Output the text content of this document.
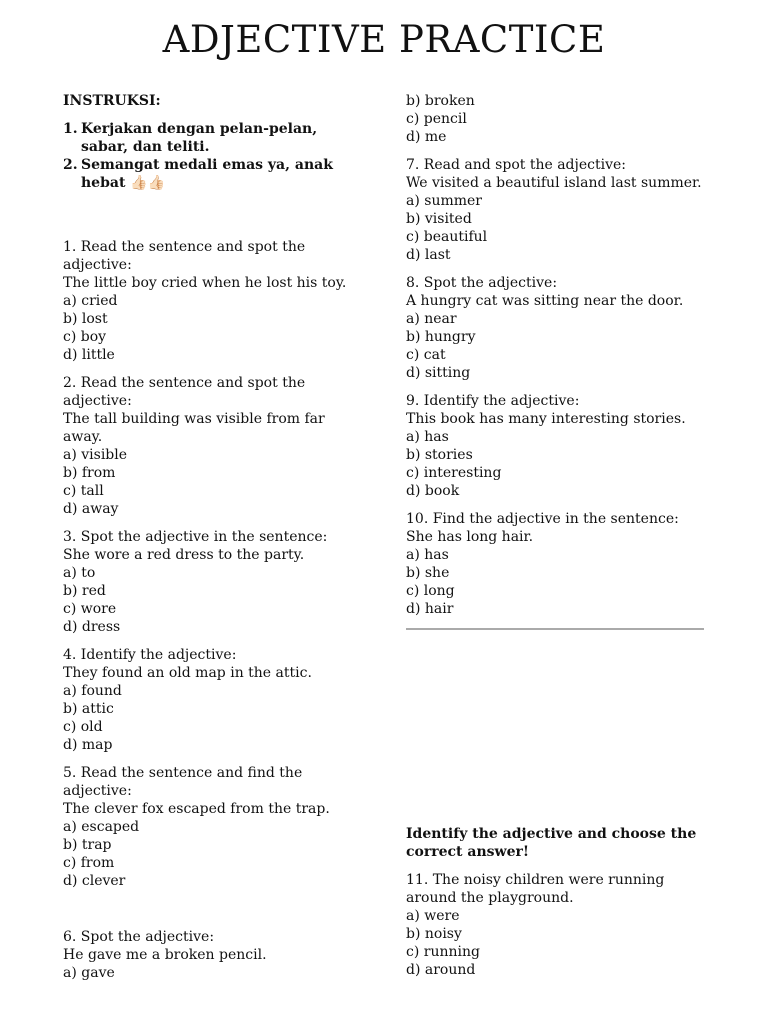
ADJECTIVE PRACTICE
INSTRUKSI:
1. Kerjakan dengan pelan-pelan, sabar, dan teliti.
2. Semangat medali emas ya, anak hebat 👍🏻👍🏻
1. Read the sentence and spot the adjective:
The little boy cried when he lost his toy.
a) cried
b) lost
c) boy
d) little
2. Read the sentence and spot the adjective:
The tall building was visible from far away.
a) visible
b) from
c) tall
d) away
3. Spot the adjective in the sentence:
She wore a red dress to the party.
a) to
b) red
c) wore
d) dress
4. Identify the adjective:
They found an old map in the attic.
a) found
b) attic
c) old
d) map
5. Read the sentence and find the adjective:
The clever fox escaped from the trap.
a) escaped
b) trap
c) from
d) clever
6. Spot the adjective:
He gave me a broken pencil.
a) gave
b) broken
c) pencil
d) me
7. Read and spot the adjective:
We visited a beautiful island last summer.
a) summer
b) visited
c) beautiful
d) last
8. Spot the adjective:
A hungry cat was sitting near the door.
a) near
b) hungry
c) cat
d) sitting
9. Identify the adjective:
This book has many interesting stories.
a) has
b) stories
c) interesting
d) book
10. Find the adjective in the sentence:
She has long hair.
a) has
b) she
c) long
d) hair
Identify the adjective and choose the correct answer!
11. The noisy children were running around the playground.
a) were
b) noisy
c) running
d) around
